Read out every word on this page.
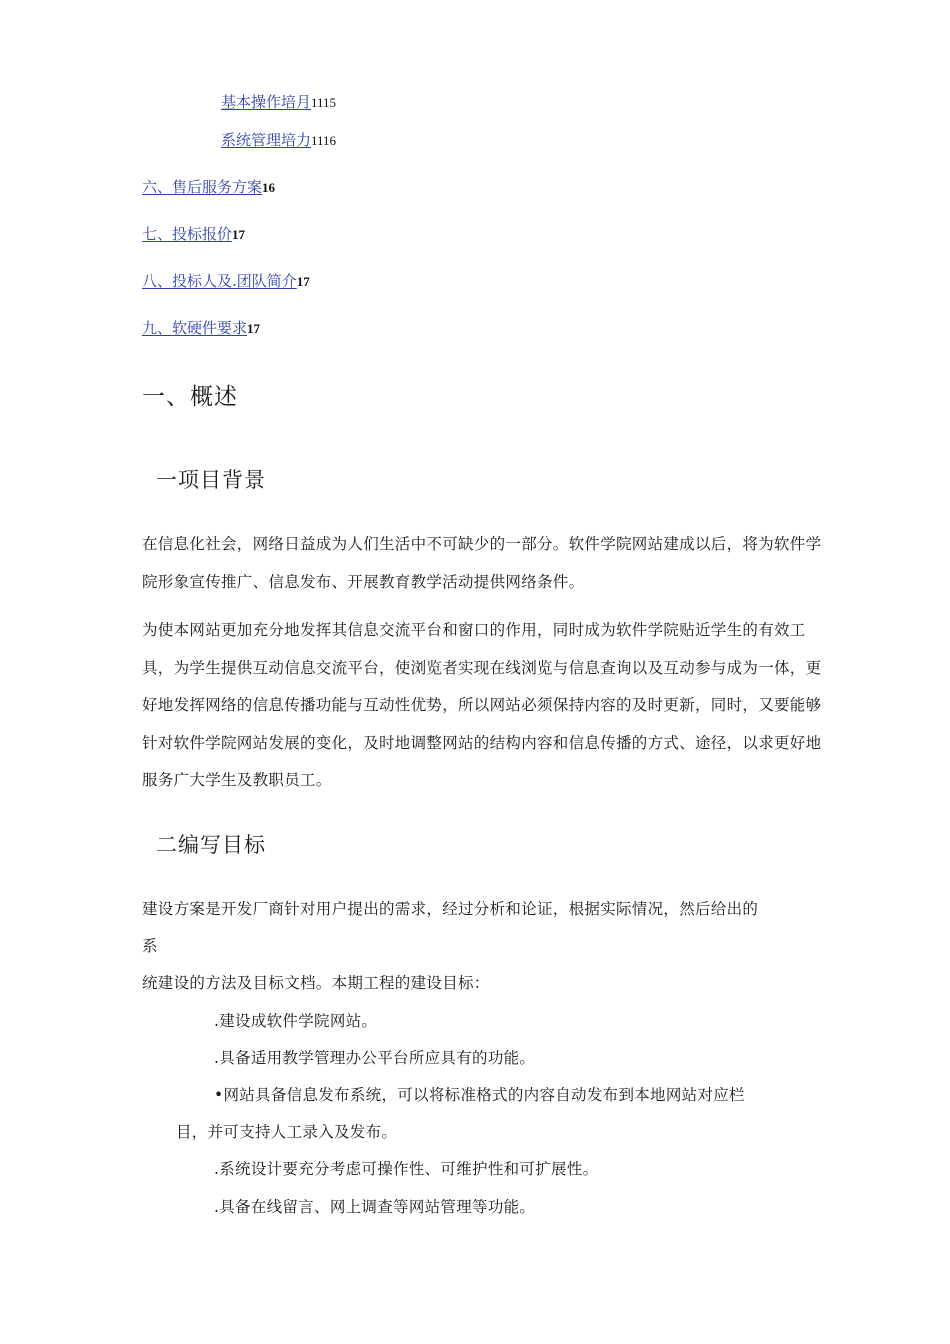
基本操作培月1115
系统管理培力1116
六、售后服务方案16
七、投标报价17
八、投标人及.团队简介17
九、软硬件要求17
一、概述
一项目背景
在信息化社会，网络日益成为人们生活中不可缺少的一部分。软件学院网站建成以后，将为软件学院形象宣传推广、信息发布、开展教育教学活动提供网络条件。
为使本网站更加充分地发挥其信息交流平台和窗口的作用，同时成为软件学院贴近学生的有效工具，为学生提供互动信息交流平台，使浏览者实现在线浏览与信息查询以及互动参与成为一体，更好地发挥网络的信息传播功能与互动性优势，所以网站必须保持内容的及时更新，同时，又要能够针对软件学院网站发展的变化，及时地调整网站的结构内容和信息传播的方式、途径，以求更好地服务广大学生及教职员工。
二编写目标
建设方案是开发厂商针对用户提出的需求，经过分析和论证，根据实际情况，然后给出的
系
统建设的方法及目标文档。本期工程的建设目标：
.建设成软件学院网站。
.具备适用教学管理办公平台所应具有的功能。
•网站具备信息发布系统，可以将标准格式的内容自动发布到本地网站对应栏
目，并可支持人工录入及发布。
.系统设计要充分考虑可操作性、可维护性和可扩展性。
.具备在线留言、网上调查等网站管理等功能。
